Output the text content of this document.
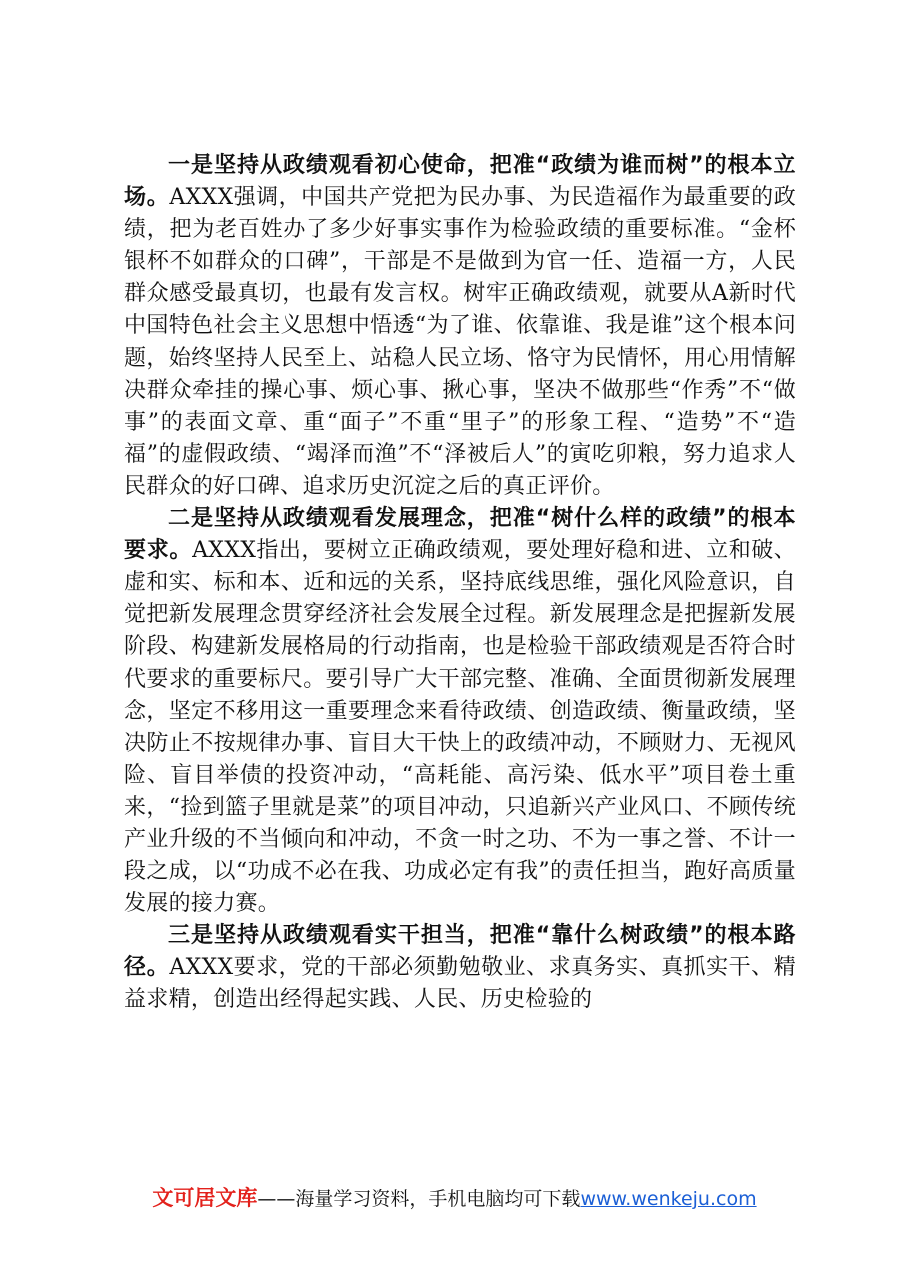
一是坚持从政绩观看初心使命，把准“政绩为谁而树”的根本立场。AXXX强调，中国共产党把为民办事、为民造福作为最重要的政绩，把为老百姓办了多少好事实事作为检验政绩的重要标准。“金杯银杯不如群众的口碑”，干部是不是做到为官一任、造福一方，人民群众感受最真切，也最有发言权。树牢正确政绩观，就要从A新时代中国特色社会主义思想中悟透“为了谁、依靠谁、我是谁”这个根本问题，始终坚持人民至上、站稳人民立场、恪守为民情怀，用心用情解决群众牵挂的操心事、烦心事、揪心事，坚决不做那些“作秀”不“做事”的表面文章、重“面子”不重“里子”的形象工程、“造势”不“造福”的虚假政绩、“竭泽而渔”不“泽被后人”的寅吃卯粮，努力追求人民群众的好口碑、追求历史沉淀之后的真正评价。

二是坚持从政绩观看发展理念，把准“树什么样的政绩”的根本要求。AXXX指出，要树立正确政绩观，要处理好稳和进、立和破、虚和实、标和本、近和远的关系，坚持底线思维，强化风险意识，自觉把新发展理念贯穿经济社会发展全过程。新发展理念是把握新发展阶段、构建新发展格局的行动指南，也是检验干部政绩观是否符合时代要求的重要标尺。要引导广大干部完整、准确、全面贯彻新发展理念，坚定不移用这一重要理念来看待政绩、创造政绩、衡量政绩，坚决防止不按规律办事、盲目大干快上的政绩冲动，不顾财力、无视风险、盲目举债的投资冲动，“高耗能、高污染、低水平”项目卷土重来，“捡到篮子里就是菜”的项目冲动，只追新兴产业风口、不顾传统产业升级的不当倾向和冲动，不贪一时之功、不为一事之誉、不计一段之成，以“功成不必在我、功成必定有我”的责任担当，跑好高质量发展的接力赛。

三是坚持从政绩观看实干担当，把准“靠什么树政绩”的根本路径。AXXX要求，党的干部必须勤勉敬业、求真务实、真抓实干、精益求精，创造出经得起实践、人民、历史检验的

文可居文库——海量学习资料，手机电脑均可下载www.wenkeju.com
